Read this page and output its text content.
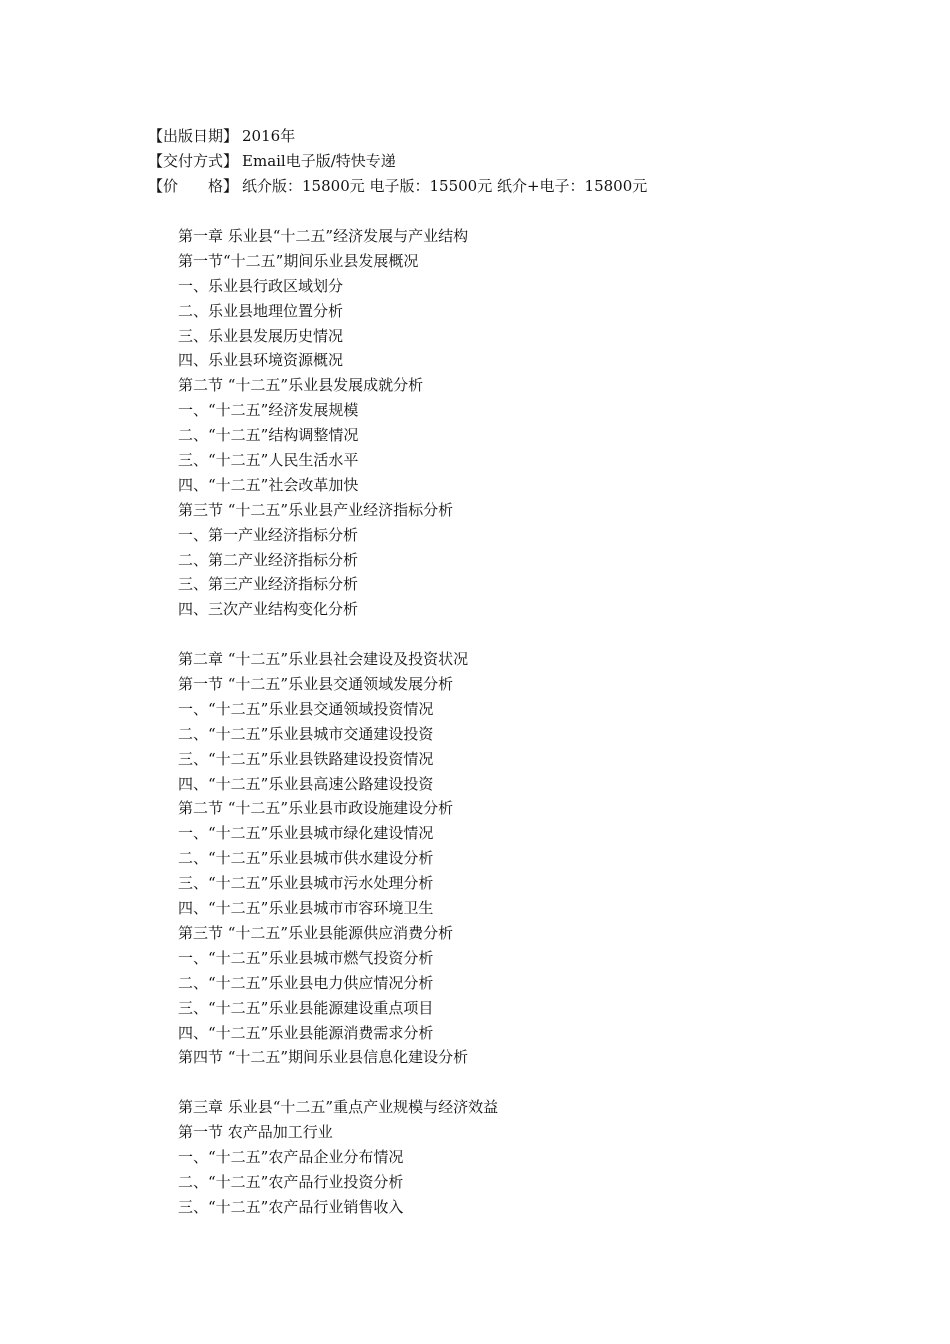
【出版日期】 2016年
【交付方式】 Email电子版/特快专递
【价　　格】 纸介版：15800元 电子版：15500元 纸介+电子：15800元
第一章 乐业县“十二五”经济发展与产业结构
第一节“十二五”期间乐业县发展概况
一、乐业县行政区域划分
二、乐业县地理位置分析
三、乐业县发展历史情况
四、乐业县环境资源概况
第二节 “十二五”乐业县发展成就分析
一、“十二五”经济发展规模
二、“十二五”结构调整情况
三、“十二五”人民生活水平
四、“十二五”社会改革加快
第三节 “十二五”乐业县产业经济指标分析
一、第一产业经济指标分析
二、第二产业经济指标分析
三、第三产业经济指标分析
四、三次产业结构变化分析
第二章 “十二五”乐业县社会建设及投资状况
第一节 “十二五”乐业县交通领域发展分析
一、“十二五”乐业县交通领域投资情况
二、“十二五”乐业县城市交通建设投资
三、“十二五”乐业县铁路建设投资情况
四、“十二五”乐业县高速公路建设投资
第二节 “十二五”乐业县市政设施建设分析
一、“十二五”乐业县城市绿化建设情况
二、“十二五”乐业县城市供水建设分析
三、“十二五”乐业县城市污水处理分析
四、“十二五”乐业县城市市容环境卫生
第三节 “十二五”乐业县能源供应消费分析
一、“十二五”乐业县城市燃气投资分析
二、“十二五”乐业县电力供应情况分析
三、“十二五”乐业县能源建设重点项目
四、“十二五”乐业县能源消费需求分析
第四节 “十二五”期间乐业县信息化建设分析
第三章 乐业县“十二五”重点产业规模与经济效益
第一节 农产品加工行业
一、“十二五”农产品企业分布情况
二、“十二五”农产品行业投资分析
三、“十二五”农产品行业销售收入
